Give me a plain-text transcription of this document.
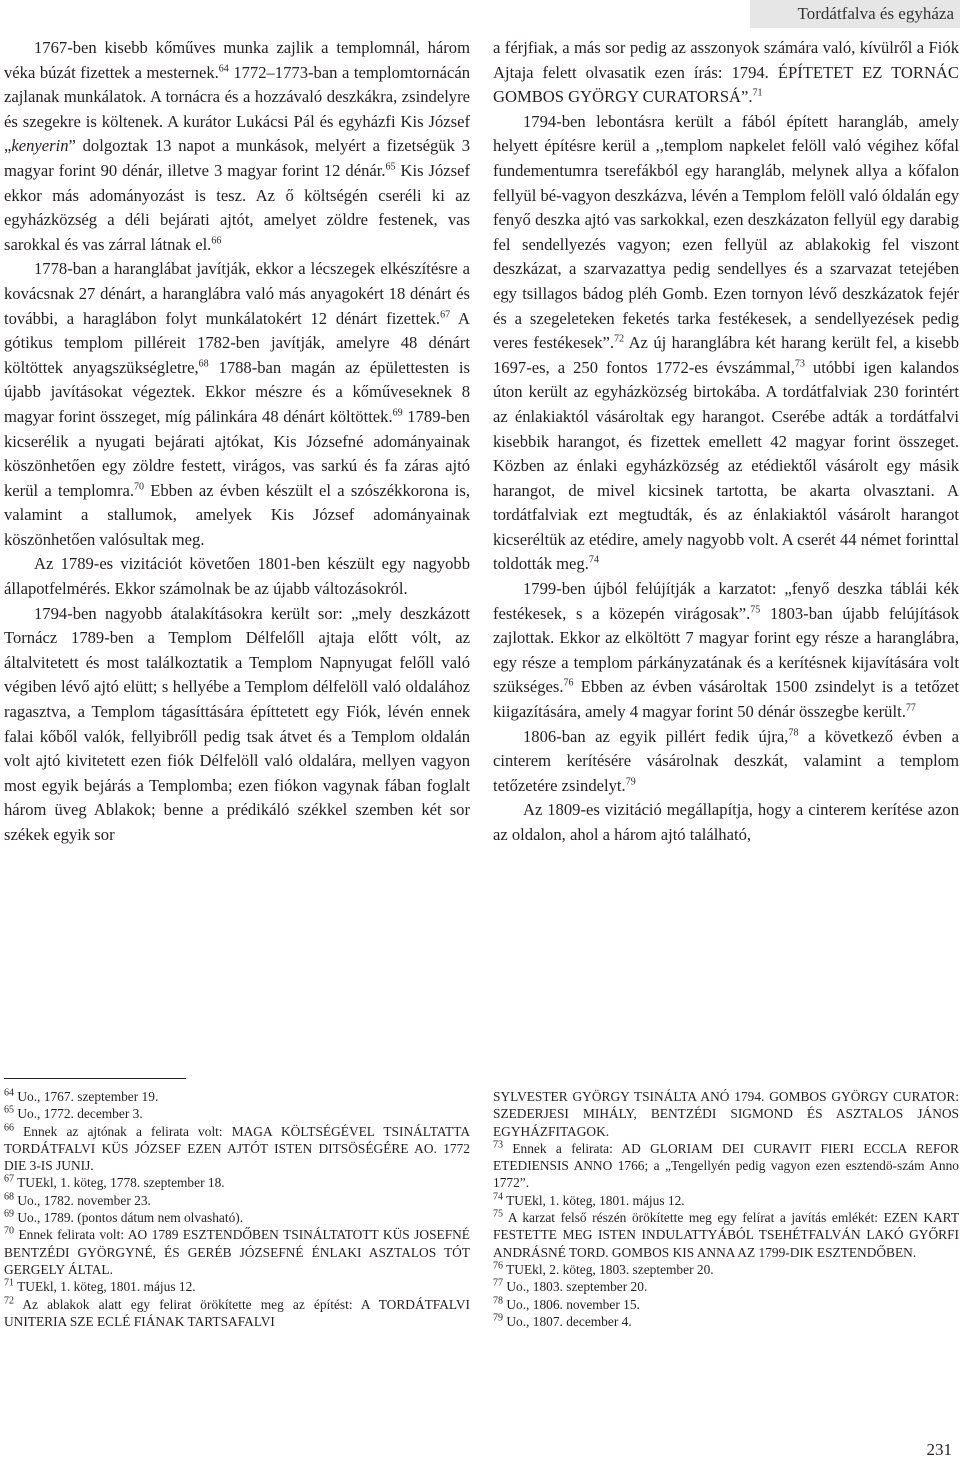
Tordátfalva és egyháza

1767-ben kisebb kőműves munka zajlik a templomnál, három véka búzát fizettek a mesternek.$^{64}$ 1772–1773-ban a templomtornácán zajlanak munkálatok. A tornácra és a hozzávaló deszkákra, zsindelyre és szegekre is költenek. A kurátor Lukácsi Pál és egyházfi Kis József „kenyerin” dolgoztak 13 napot a munkások, melyért a fizetségük 3 magyar forint 90 dénár, illetve 3 magyar forint 12 dénár.$^{65}$ Kis József ekkor más adományozást is tesz. Az ő költségén cseréli ki az egyházközség a déli bejárati ajtót, amelyet zöldre festenek, vas sarokkal és vas zárral látnak el.$^{66}$

1778-ban a haranglábat javítják, ekkor a lécszegek elkészítésre a kovácsnak 27 dénárt, a haranglábra való más anyagokért 18 dénárt és további, a haraglábon folyt munkálatokért 12 dénárt fizettek.$^{67}$ A gótikus templom pilléreit 1782-ben javítják, amelyre 48 dénárt költöttek anyagszükségletre,$^{68}$ 1788-ban magán az épülettesten is újabb javításokat végeztek. Ekkor mészre és a kőműveseknek 8 magyar forint összeget, míg pálinkára 48 dénárt költöttek.$^{69}$ 1789-ben kicserélik a nyugati bejárati ajtókat, Kis Józsefné adományainak köszönhetően egy zöldre festett, virágos, vas sarkú és fa záras ajtó kerül a templomra.$^{70}$ Ebben az évben készült el a szószékkorona is, valamint a stallumok, amelyek Kis József adományainak köszönhetően valósultak meg.

Az 1789-es vizitációt követően 1801-ben készült egy nagyobb állapotfelmérés. Ekkor számolnak be az újabb változásokról.

1794-ben nagyobb átalakításokra került sor: „mely deszkázott Tornácz 1789-ben a Templom Délfelőll ajtaja előtt vólt, az általvitetett és most találkoztatik a Templom Napnyugat felőll való végiben lévő ajtó elütt; s hellyébe a Templom délfelöll való oldalához ragasztva, a Templom tágasíttására építtetett egy Fiók, lévén ennek falai kőből valók, fellyibrőll pedig tsak átvet és a Templom oldalán volt ajtó kivitetett ezen fiók Délfelöll való oldalára, mellyen vagyon most egyik bejárás a Templomba; ezen fiókon vagynak fában foglalt három üveg Ablakok; benne a prédikáló székkel szemben két sor székek egyik sor

a férjfiak, a más sor pedig az asszonyok számára való, kívülről a Fiók Ajtaja felett olvasatik ezen írás: 1794. ÉPÍTETET EZ TORNÁC GOMBOS GYÖRGY CURATORSÁ”.$^{71}$

1794-ben lebontásra került a fából épített harangláb, amely helyett építésre kerül a ,,templom napkelet felöll való végihez kőfal fundementumra tserefákból egy harangláb, melynek allya a kőfalon fellyül bé-vagyon deszkázva, lévén a Templom felöll való óldalán egy fenyő deszka ajtó vas sarkokkal, ezen deszkázaton fellyül egy darabig fel sendellyezés vagyon; ezen fellyül az ablakokig fel viszont deszkázat, a szarvazattya pedig sendellyes és a szarvazat tetejében egy tsillagos bádog pléh Gomb. Ezen tornyon lévő deszkázatok fejér és a szegeleteken feketés tarka festékesek, a sendellyezések pedig veres festékesek”.$^{72}$ Az új haranglábra két harang került fel, a kisebb 1697-es, a 250 fontos 1772-es évszámmal,$^{73}$ utóbbi igen kalandos úton került az egyházközség birtokába. A tordátfalviak 230 forintért az énlakiaktól vásároltak egy harangot. Cserébe adták a tordátfalvi kisebbik harangot, és fizettek emellett 42 magyar forint összeget. Közben az énlaki egyházközség az etédiektől vásárolt egy másik harangot, de mivel kicsinek tartotta, be akarta olvasztani. A tordátfalviak ezt megtudták, és az énlakiaktól vásárolt harangot kicseréltük az etédire, amely nagyobb volt. A cserét 44 német forinttal toldották meg.$^{74}$

1799-ben újból felújítják a karzatot: „fenyő deszka táblái kék festékesek, s a közepén virágosak”.$^{75}$ 1803-ban újabb felújítások zajlottak. Ekkor az elköltött 7 magyar forint egy része a haranglábra, egy része a templom párkányzatának és a kerítésnek kijavítására volt szükséges.$^{76}$ Ebben az évben vásároltak 1500 zsindelyt is a tetőzet kiigazítására, amely 4 magyar forint 50 dénár összegbe került.$^{77}$

1806-ban az egyik pillért fedik újra,$^{78}$ a következő évben a cinterem kerítésére vásárolnak deszkát, valamint a templom tetőzetére zsindelyt.$^{79}$

Az 1809-es vizitáció megállapítja, hogy a cinterem kerítése azon az oldalon, ahol a három ajtó található,

$^{64}$ Uo., 1767. szeptember 19.

$^{65}$ Uo., 1772. december 3.

$^{66}$ Ennek az ajtónak a felirata volt: MAGA KÖLTSÉGÉVEL TSINÁLTATTA TORDÁTFALVI KÜS JÓZSEF EZEN AJTÓT ISTEN DITSÖSÉGÉRE AO. 1772 DIE 3-IS JUNIJ.

$^{67}$ TUEkl, 1. köteg, 1778. szeptember 18.

$^{68}$ Uo., 1782. november 23.

$^{69}$ Uo., 1789. (pontos dátum nem olvasható).

$^{70}$ Ennek felirata volt: AO 1789 ESZTENDŐBEN TSINÁLTATOTT KÜS JOSEFNÉ BENTZÉDI GYÖRGYNÉ, ÉS GERÉB JÓZSEFNÉ ÉNLAKI ASZTALOS TÓT GERGELY ÁLTAL.

$^{71}$ TUEkl, 1. köteg, 1801. május 12.

$^{72}$ Az ablakok alatt egy felirat örökítette meg az építést: A TORDÁTFALVI UNITERIA SZE ECLÉ FIÁNAK TARTSAFALVI

SYLVESTER GYÖRGY TSINÁLTA ANÓ 1794. GOMBOS GYÖRGY CURATOR: SZEDERJESI MIHÁLY, BENTZÉDI SIGMOND ÉS ASZTALOS JÁNOS EGYHÁZFITAGOK.

$^{73}$ Ennek a felirata: AD GLORIAM DEI CURAVIT FIERI ECCLA REFOR ETEDIENSIS ANNO 1766; a „Tengellyén pedig vagyon ezen esztendö-szám Anno 1772”.

$^{74}$ TUEkl, 1. köteg, 1801. május 12.

$^{75}$ A karzat felső részén örökítette meg egy felírat a javítás emlékét: EZEN KART FESTETTE MEG ISTEN INDULATTYÁBÓL TSEHÉTFALVÁN LAKÓ GYŐRFI ANDRÁSNÉ TORD. GOMBOS KIS ANNA AZ 1799-DIK ESZTENDŐBEN.

$^{76}$ TUEkl, 2. köteg, 1803. szeptember 20.

$^{77}$ Uo., 1803. szeptember 20.

$^{78}$ Uo., 1806. november 15.

$^{79}$ Uo., 1807. december 4.

231
